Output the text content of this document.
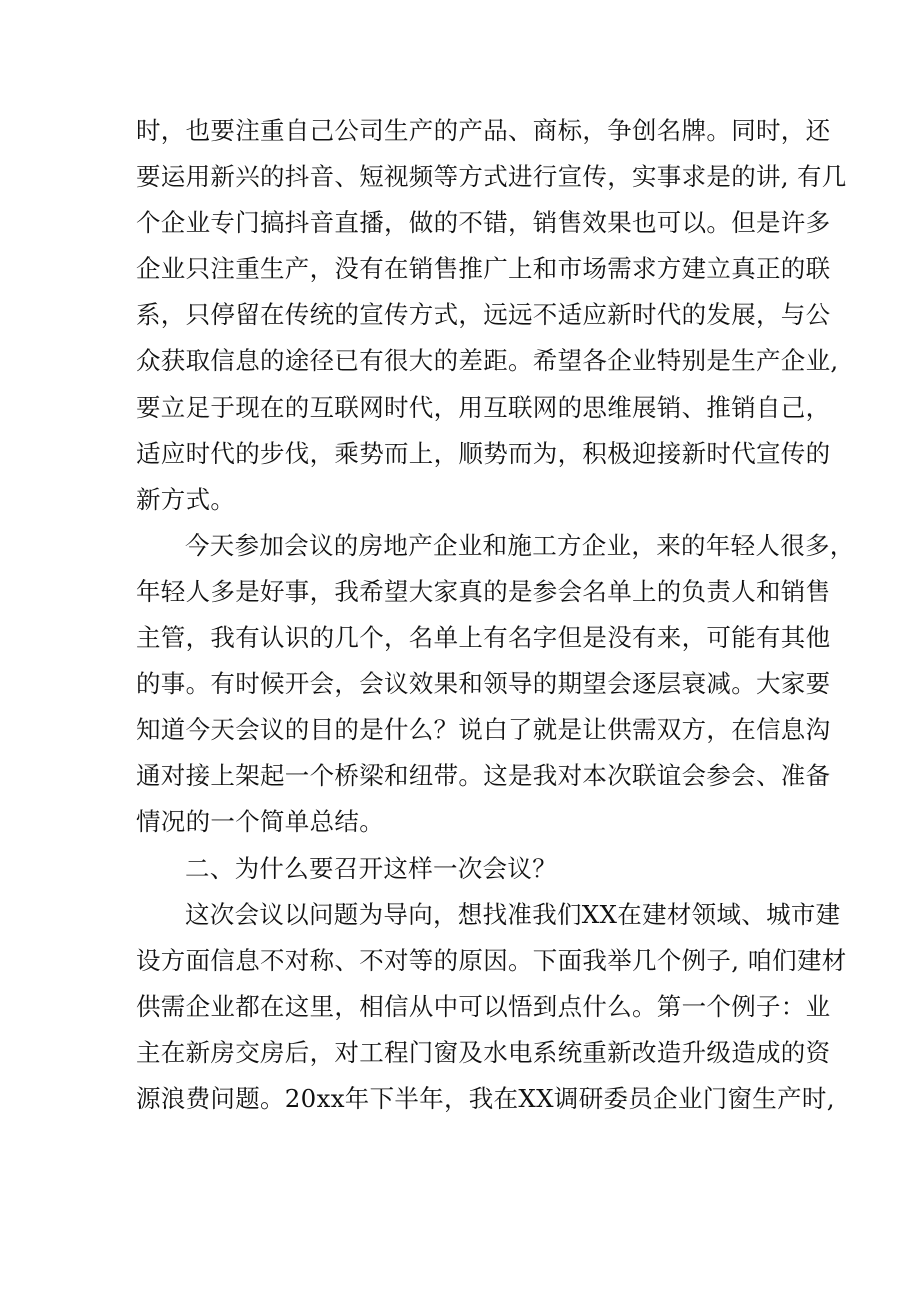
时，也要注重自己公司生产的产品、商标，争创名牌。同时，还
要运用新兴的抖音、短视频等方式进行宣传，实事求是的讲, 有几
个企业专门搞抖音直播，做的不错，销售效果也可以。但是许多
企业只注重生产，没有在销售推广上和市场需求方建立真正的联
系，只停留在传统的宣传方式，远远不适应新时代的发展，与公
众获取信息的途径已有很大的差距。希望各企业特别是生产企业,
要立足于现在的互联网时代，用互联网的思维展销、推销自己，
适应时代的步伐，乘势而上，顺势而为，积极迎接新时代宣传的
新方式。
今天参加会议的房地产企业和施工方企业，来的年轻人很多，
年轻人多是好事，我希望大家真的是参会名单上的负责人和销售
主管，我有认识的几个，名单上有名字但是没有来，可能有其他
的事。有时候开会，会议效果和领导的期望会逐层衰减。大家要
知道今天会议的目的是什么？说白了就是让供需双方，在信息沟
通对接上架起一个桥梁和纽带。这是我对本次联谊会参会、准备
情况的一个简单总结。
二、为什么要召开这样一次会议？
这次会议以问题为导向，想找准我们XX在建材领域、城市建
设方面信息不对称、不对等的原因。下面我举几个例子, 咱们建材
供需企业都在这里，相信从中可以悟到点什么。第一个例子：业
主在新房交房后，对工程门窗及水电系统重新改造升级造成的资
源浪费问题。20xx年下半年，我在XX调研委员企业门窗生产时,
